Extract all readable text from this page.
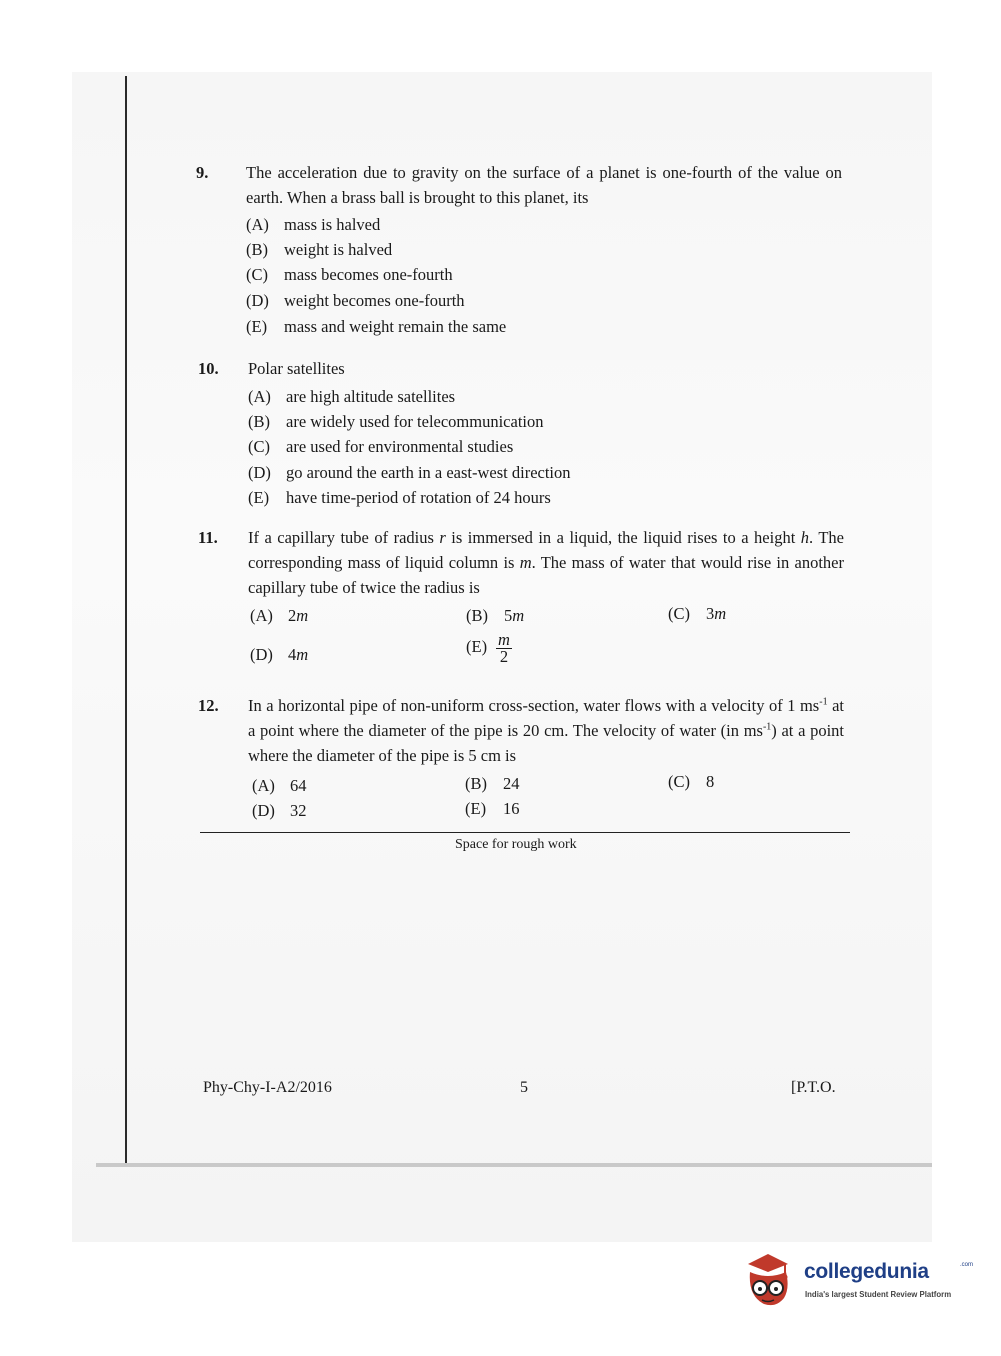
9. The acceleration due to gravity on the surface of a planet is one-fourth of the value on earth. When a brass ball is brought to this planet, its
(A) mass is halved
(B) weight is halved
(C) mass becomes one-fourth
(D) weight becomes one-fourth
(E) mass and weight remain the same
10. Polar satellites
(A) are high altitude satellites
(B) are widely used for telecommunication
(C) are used for environmental studies
(D) go around the earth in a east-west direction
(E) have time-period of rotation of 24 hours
11. If a capillary tube of radius r is immersed in a liquid, the liquid rises to a height h. The corresponding mass of liquid column is m. The mass of water that would rise in another capillary tube of twice the radius is
(A) 2m	(B) 5m	(C) 3m
(D) 4m	$(E) \frac{m}{2}$
12. In a horizontal pipe of non-uniform cross-section, water flows with a velocity of 1 $ms^{-1}$ at a point where the diameter of the pipe is 20 cm. The velocity of water (in $ms^{-1}$) at a point where the diameter of the pipe is 5 cm is
(A) 64	(B) 24	(C) 8
(D) 32	(E) 16
Space for rough work
Phy-Chy-I-A2/2016	5	[P.T.O.
collegedunia	.com
India's largest Student Review Platform
